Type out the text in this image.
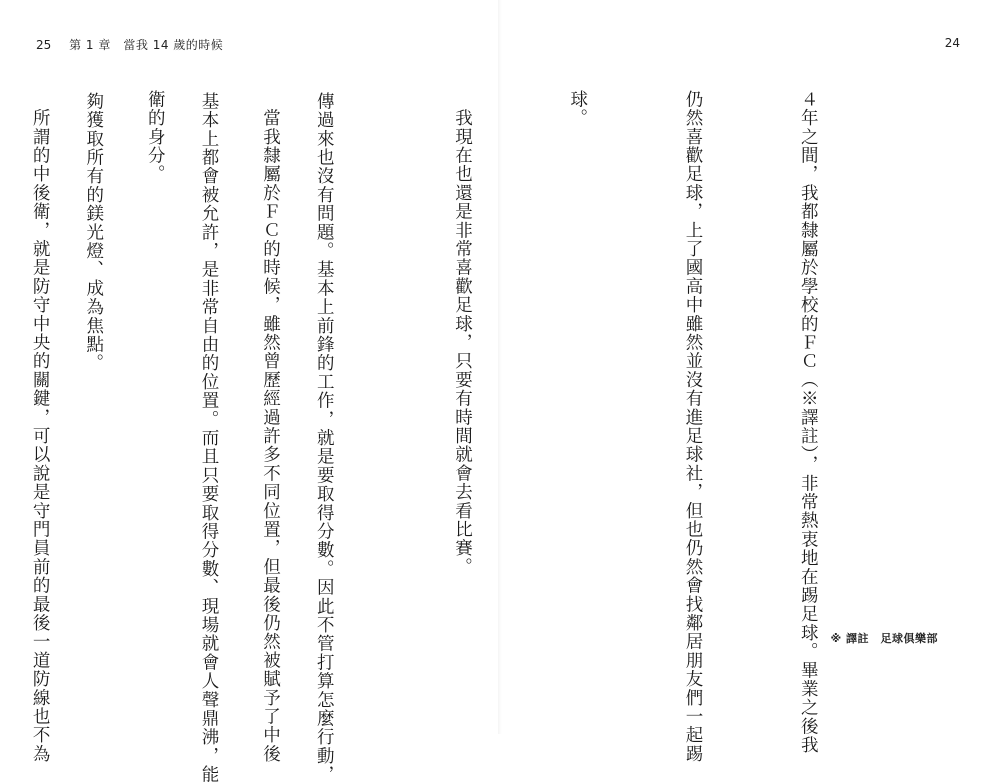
25 第 1 章　當我 14 歲的時候	24

４年之間，我都隸屬於學校的ＦＣ（※譯註），非常熱衷地在踢足球。畢業之後我

仍然喜歡足球，上了國高中雖然並沒有進足球社，但也仍然會找鄰居朋友們一起踢

球。

　我現在也還是非常喜歡足球，只要有時間就會去看比賽。

　當我隸屬於ＦＣ的時候，雖然曾歷經過許多不同位置，但最後仍然被賦予了中後

衛的身分。

　所謂的中後衛，就是防守中央的關鍵，可以說是守門員前的最後一道防線也不為

	傳過來也沒有問題。基本上前鋒的工作，就是要取得分數。因此不管打算怎麼行動，

基本上都會被允許，是非常自由的位置。而且只要取得分數、現場就會人聲鼎沸，能

夠獲取所有的鎂光燈、成為焦點。

※ 譯註　足球俱樂部
